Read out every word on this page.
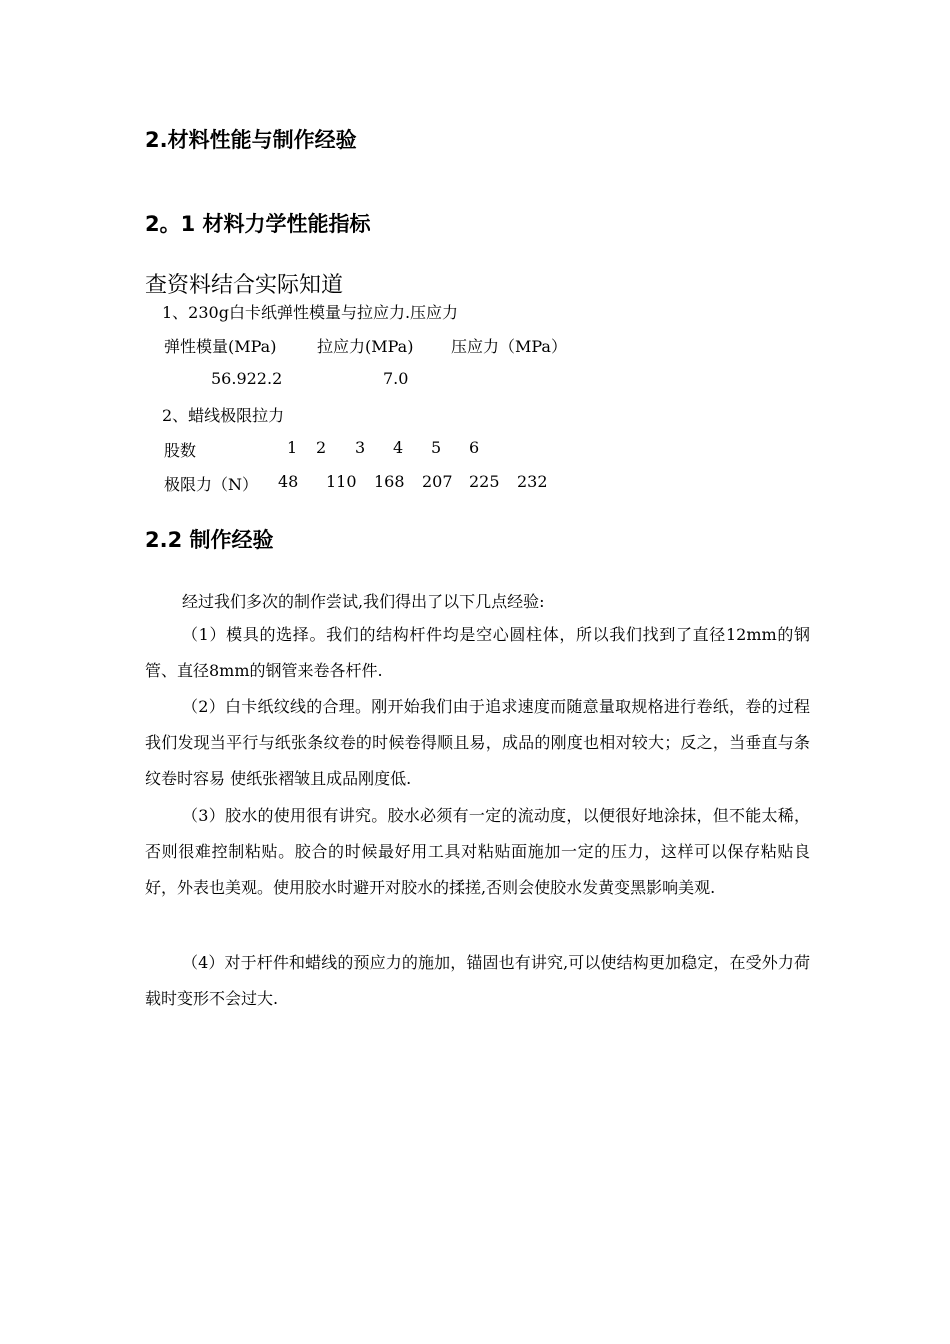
2.材料性能与制作经验
2。1 材料力学性能指标
查资料结合实际知道
1、230g白卡纸弹性模量与拉应力.压应力
弹性模量(MPa)	拉应力(MPa) 压应力（MPa）
56.922.2	7.0
2、蜡线极限拉力
股数	1 2 3 4 5 6
极限力（N） 48 110 168 207 225 232
2.2 制作经验
经过我们多次的制作尝试,我们得出了以下几点经验:
（1）模具的选择。我们的结构杆件均是空心圆柱体，所以我们找到了直径12mm的钢管、直径8mm的钢管来卷各杆件.
（2）白卡纸纹线的合理。刚开始我们由于追求速度而随意量取规格进行卷纸，卷的过程我们发现当平行与纸张条纹卷的时候卷得顺且易，成品的刚度也相对较大；反之，当垂直与条纹卷时容易 使纸张褶皱且成品刚度低.
（3）胶水的使用很有讲究。胶水必须有一定的流动度，以便很好地涂抹，但不能太稀，否则很难控制粘贴。胶合的时候最好用工具对粘贴面施加一定的压力，这样可以保存粘贴良好，外表也美观。使用胶水时避开对胶水的揉搓,否则会使胶水发黄变黑影响美观.
（4）对于杆件和蜡线的预应力的施加，锚固也有讲究,可以使结构更加稳定，在受外力荷载时变形不会过大.
